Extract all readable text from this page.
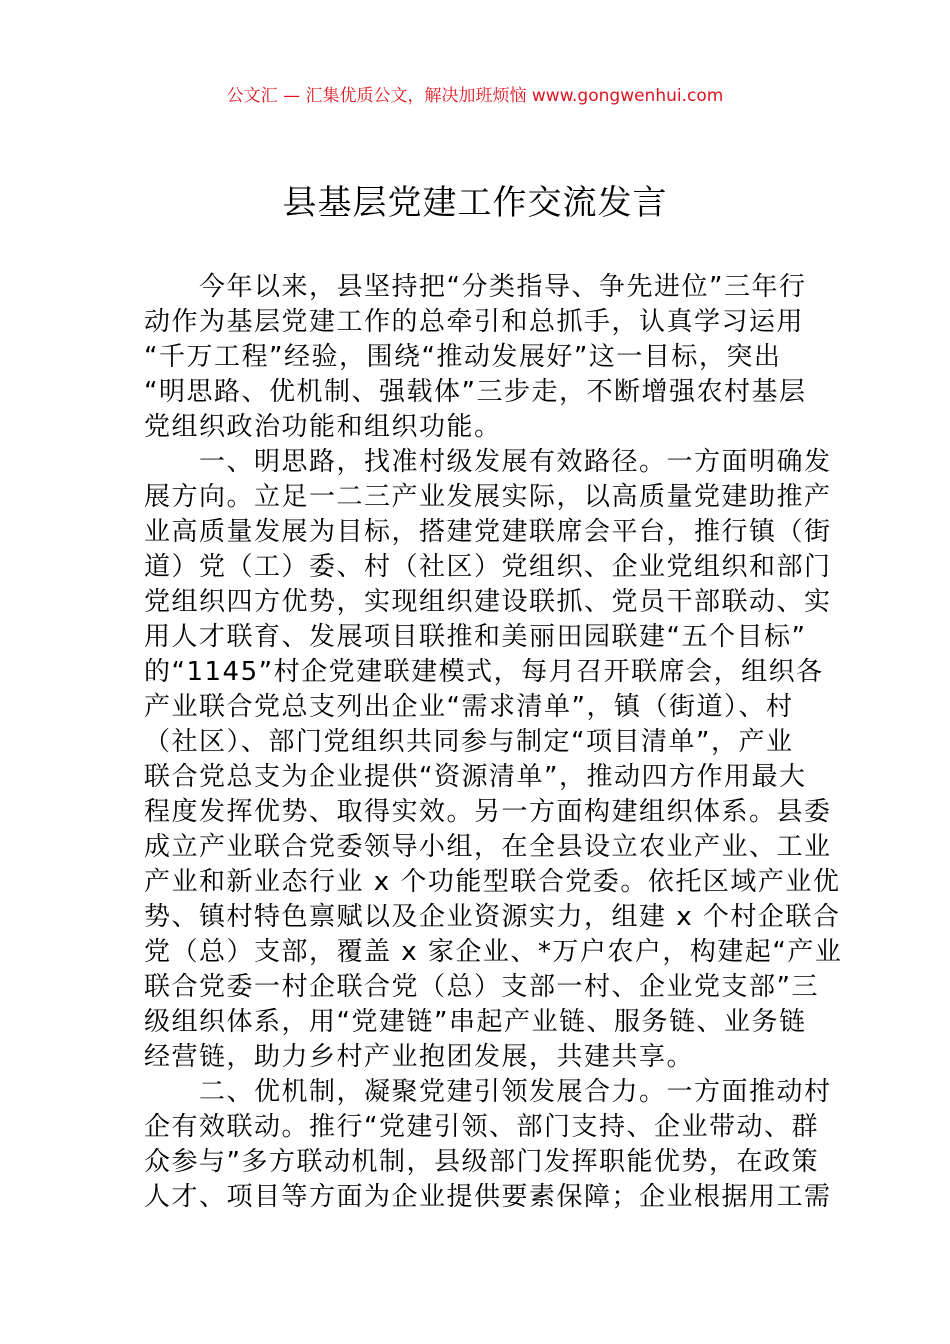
公文汇 — 汇集优质公文，解决加班烦恼 www.gongwenhui.com
县基层党建工作交流发言
　　今年以来，县坚持把“分类指导、争先进位”三年行
动作为基层党建工作的总牵引和总抓手，认真学习运用
“千万工程”经验，围绕“推动发展好”这一目标，突出
“明思路、优机制、强载体”三步走，不断增强农村基层
党组织政治功能和组织功能。
　　一、明思路，找准村级发展有效路径。一方面明确发
展方向。立足一二三产业发展实际，以高质量党建助推产
业高质量发展为目标，搭建党建联席会平台，推行镇（街
道）党（工）委、村（社区）党组织、企业党组织和部门
党组织四方优势，实现组织建设联抓、党员干部联动、实
用人才联育、发展项目联推和美丽田园联建“五个目标”
的“1145”村企党建联建模式，每月召开联席会，组织各
产业联合党总支列出企业“需求清单”，镇（街道）、村
（社区）、部门党组织共同参与制定“项目清单”，产业
联合党总支为企业提供“资源清单”，推动四方作用最大
程度发挥优势、取得实效。另一方面构建组织体系。县委
成立产业联合党委领导小组，在全县设立农业产业、工业
产业和新业态行业 x 个功能型联合党委。依托区域产业优
势、镇村特色禀赋以及企业资源实力，组建 x 个村企联合
党（总）支部，覆盖 x 家企业、*万户农户，构建起“产业
联合党委一村企联合党（总）支部一村、企业党支部”三
级组织体系，用“党建链”串起产业链、服务链、业务链
经营链，助力乡村产业抱团发展，共建共享。
　　二、优机制，凝聚党建引领发展合力。一方面推动村
企有效联动。推行“党建引领、部门支持、企业带动、群
众参与”多方联动机制，县级部门发挥职能优势，在政策
人才、项目等方面为企业提供要素保障；企业根据用工需
